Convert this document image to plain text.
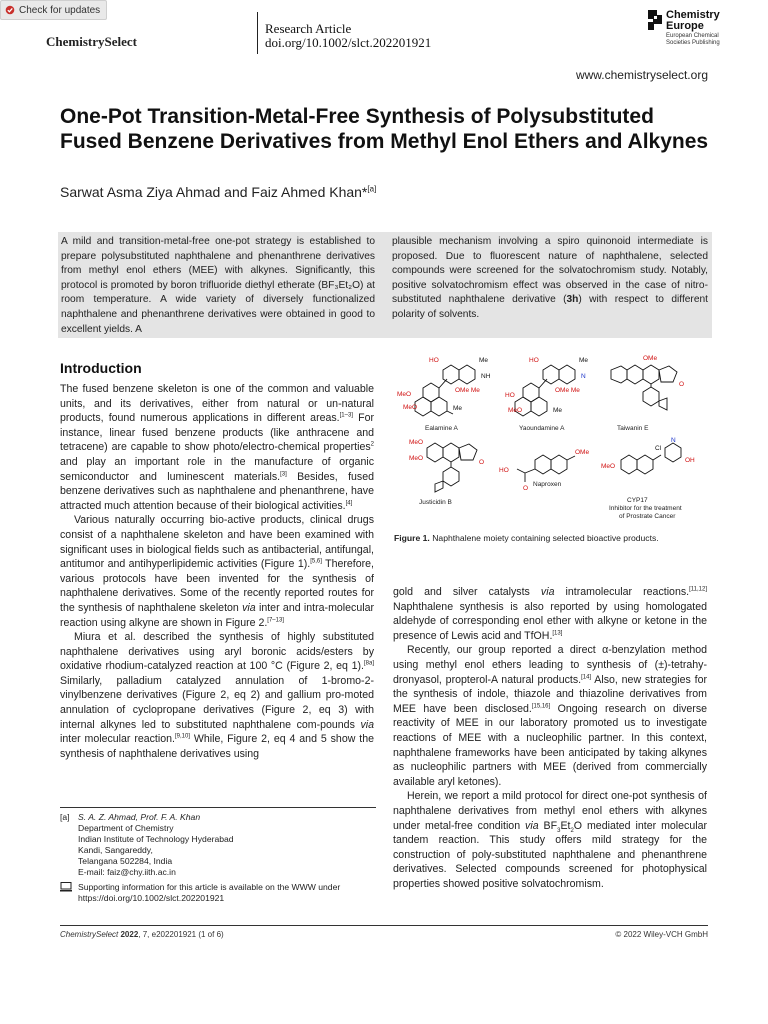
Check for updates
ChemistrySelect
Research Article
doi.org/10.1002/slct.202201921
Chemistry Europe
European Chemical Societies Publishing
www.chemistryselect.org
One-Pot Transition-Metal-Free Synthesis of Polysubstituted Fused Benzene Derivatives from Methyl Enol Ethers and Alkynes
Sarwat Asma Ziya Ahmad and Faiz Ahmed Khan*[a]
A mild and transition-metal-free one-pot strategy is established to prepare polysubstituted naphthalene and phenanthrene derivatives from methyl enol ethers (MEE) with alkynes. Significantly, this protocol is promoted by boron trifluoride diethyl etherate (BF₃Et₂O) at room temperature. A wide variety of diversely functionalized naphthalene and phenanthrene derivatives were obtained in good to excellent yields. A
plausible mechanism involving a spiro quinonoid intermediate is proposed. Due to fluorescent nature of naphthalene, selected compounds were screened for the solvatochromism study. Notably, positive solvatochromism effect was observed in the case of nitro-substituted naphthalene derivative (3h) with respect to different polarity of solvents.
Introduction

The fused benzene skeleton is one of the common and valuable units, and its derivatives, either from natural or un-natural products, found numerous applications in different areas.[1–3] For instance, linear fused benzene products (like anthracene and tetracene) are capable to show photo/electro-chemical properties$^2$ and play an important role in the manufacture of organic semiconductor and luminescent materials.[3] Besides, fused benzene derivatives such as naphthalene and phenanthrene, have attracted much attention because of their biological activities.[4]

Various naturally occurring bio-active products, clinical drugs consist of a naphthalene skeleton and have been examined with significant uses in biological fields such as antibacterial, antifungal, antitumor and antihyperlipidemic activities (Figure 1).[5,6] Therefore, various protocols have been invented for the synthesis of naphthalene derivatives. Some of the recently reported routes for the synthesis of naphthalene skeleton via inter and intra-molecular reaction using alkyne are shown in Figure 2.[7–13]

Miura et al. described the synthesis of highly substituted naphthalene derivatives using aryl boronic acids/esters by oxidative rhodium-catalyzed reaction at 100 °C (Figure 2, eq 1).[8a] Similarly, palladium catalyzed annulation of 1-bromo-2-vinylbenzene derivatives (Figure 2, eq 2) and gallium pro-moted annulation of cyclopropane derivatives (Figure 2, eq 3) with internal alkynes led to substituted naphthalene com-pounds via inter molecular reaction.[9,10] While, Figure 2, eq 4 and 5 show the synthesis of naphthalene derivatives using

gold and silver catalysts via intramolecular reactions.[11,12] Naphthalene synthesis is also reported by using homologated aldehyde of corresponding enol ether with alkyne or ketone in the presence of Lewis acid and TfOH.[13]

Recently, our group reported a direct α-benzylation method using methyl enol ethers leading to synthesis of (±)-tetrahy-dronyasol, propterol-A natural products.[14] Also, new strategies for the synthesis of indole, thiazole and thiazoline derivatives from MEE have been disclosed.[15,16] Ongoing research on diverse reactivity of MEE in our laboratory promoted us to investigate reactions of MEE with a nucleophilic partner. In this context, naphthalene frameworks have been anticipated by taking alkynes as nucleophilic partners with MEE (derived from commercially available aryl ketones).

Herein, we report a mild protocol for direct one-pot synthesis of naphthalene derivatives from methyl enol ethers with alkynes under metal-free condition via $BF_3Et_2O$ mediated inter molecular tandem reaction. This study offers mild strategy for the construction of poly-substituted naphthalene and phenanthrene derivatives. Selected compounds screened for photophysical properties showed positive solvatochromism.

HO	Me
NH
OMe Me
MeO
MeO	Me
HO	Me
N
OMe Me
HO
MeO	Me
OMe
O
MeO
MeO
O
OMe
HO
O
MeO
Cl
N
OH
Ealamine A	Yaoundamine A	Taiwanin E
Justicidin B
Naproxen
CYP17
Inhibitor for the treatment
of Prostrate Cancer
Figure 1. Naphthalene moiety containing selected bioactive products.
[a] S. A. Z. Ahmad, Prof. F. A. Khan
Department of Chemistry
Indian Institute of Technology Hyderabad
Kandi, Sangareddy,
Telangana 502284, India
E-mail: faiz@chy.iith.ac.in
Supporting information for this article is available on the WWW under https://doi.org/10.1002/slct.202201921
ChemistrySelect 2022, 7, e202201921 (1 of 6)	© 2022 Wiley-VCH GmbH
